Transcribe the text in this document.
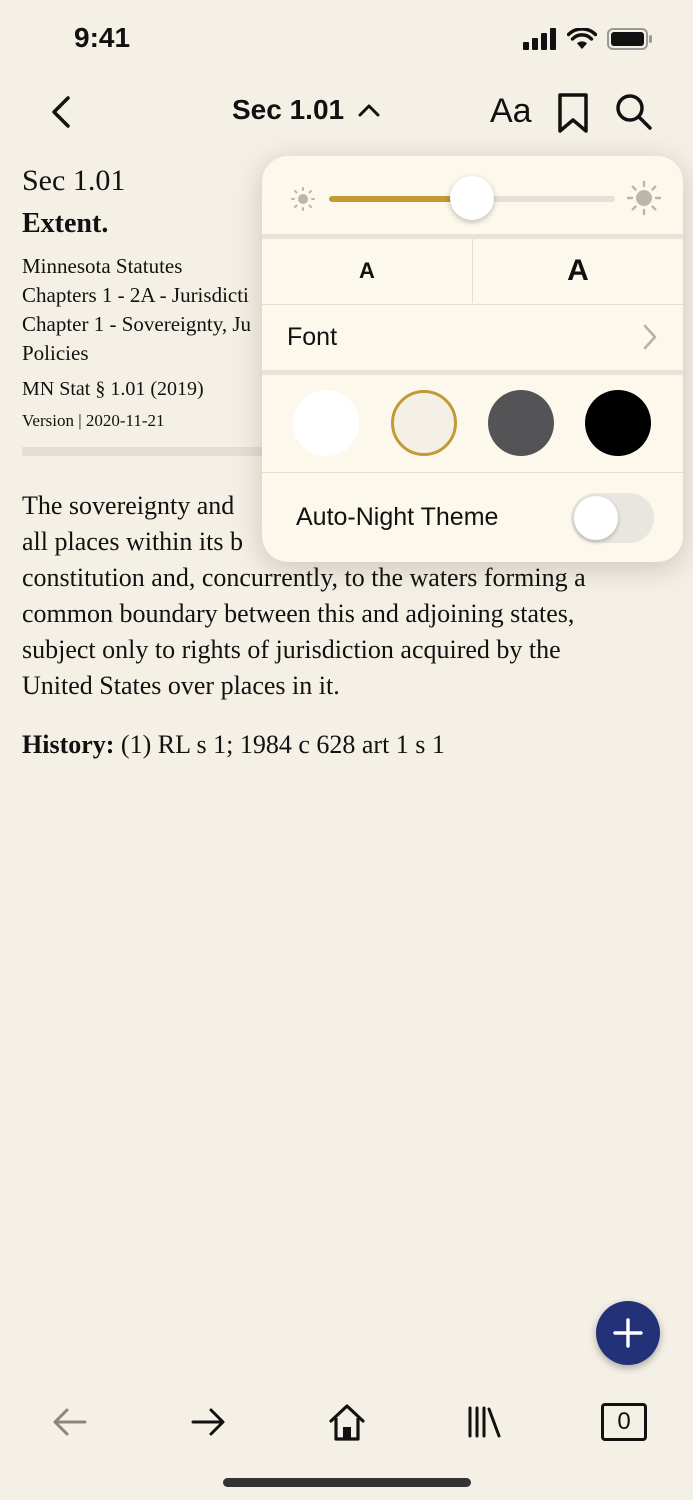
9:41
Sec 1.01	Aa
Sec 1.01
Extent.
Minnesota Statutes
Chapters 1 - 2A - Jurisdicti
Chapter 1 - Sovereignty, Ju
Policies
MN Stat § 1.01 (2019)
Version | 2020-11-21
The sovereignty and
all places within its b
constitution and, concurrently, to the waters forming a
common boundary between this and adjoining states,
subject only to rights of jurisdiction acquired by the
United States over places in it.
History: (1) RL s 1; 1984 c 628 art 1 s 1
A	A
Font
Auto-Night Theme
0
